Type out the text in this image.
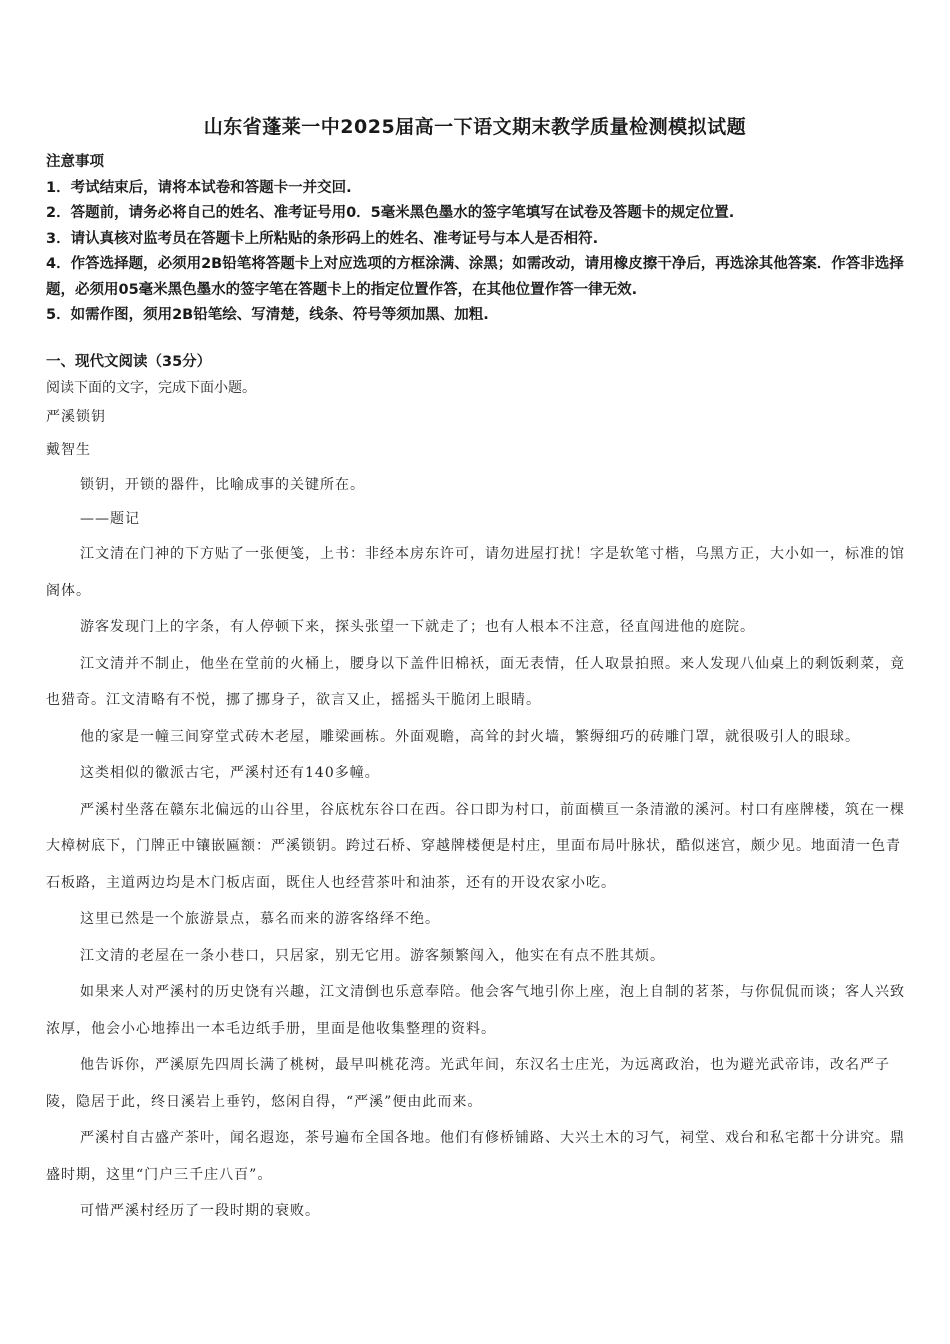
山东省蓬莱一中2025届高一下语文期末教学质量检测模拟试题

注意事项

1．考试结束后，请将本试卷和答题卡一并交回.

2．答题前，请务必将自己的姓名、准考证号用0．5毫米黑色墨水的签字笔填写在试卷及答题卡的规定位置.

3．请认真核对监考员在答题卡上所粘贴的条形码上的姓名、准考证号与本人是否相符.

4．作答选择题，必须用2B铅笔将答题卡上对应选项的方框涂满、涂黑；如需改动，请用橡皮擦干净后，再选涂其他答案．作答非选择题，必须用05毫米黑色墨水的签字笔在答题卡上的指定位置作答，在其他位置作答一律无效.

5．如需作图，须用2B铅笔绘、写清楚，线条、符号等须加黑、加粗.

一、现代文阅读（35分）

阅读下面的文字，完成下面小题。

严溪锁钥

戴智生

锁钥，开锁的器件，比喻成事的关键所在。

——题记

江文清在门神的下方贴了一张便笺，上书：非经本房东许可，请勿进屋打扰！字是软笔寸楷，乌黑方正，大小如一，标准的馆阁体。

游客发现门上的字条，有人停顿下来，探头张望一下就走了；也有人根本不注意，径直闯进他的庭院。

江文清并不制止，他坐在堂前的火桶上，腰身以下盖件旧棉袄，面无表情，任人取景拍照。来人发现八仙桌上的剩饭剩菜，竟也猎奇。江文清略有不悦，挪了挪身子，欲言又止，摇摇头干脆闭上眼睛。

他的家是一幢三间穿堂式砖木老屋，雕梁画栋。外面观瞻，高耸的封火墙，繁缛细巧的砖雕门罩，就很吸引人的眼球。

这类相似的徽派古宅，严溪村还有140多幢。

严溪村坐落在赣东北偏远的山谷里，谷底枕东谷口在西。谷口即为村口，前面横亘一条清澈的溪河。村口有座牌楼，筑在一棵大樟树底下，门牌正中镶嵌匾额：严溪锁钥。跨过石桥、穿越牌楼便是村庄，里面布局叶脉状，酷似迷宫，颇少见。地面清一色青石板路，主道两边均是木门板店面，既住人也经营茶叶和油茶，还有的开设农家小吃。

这里已然是一个旅游景点，慕名而来的游客络绎不绝。

江文清的老屋在一条小巷口，只居家，别无它用。游客频繁闯入，他实在有点不胜其烦。

如果来人对严溪村的历史饶有兴趣，江文清倒也乐意奉陪。他会客气地引你上座，泡上自制的茗茶，与你侃侃而谈；客人兴致浓厚，他会小心地捧出一本毛边纸手册，里面是他收集整理的资料。

他告诉你，严溪原先四周长满了桃树，最早叫桃花湾。光武年间，东汉名士庄光，为远离政治，也为避光武帝讳，改名严子陵，隐居于此，终日溪岩上垂钓，悠闲自得，“严溪”便由此而来。

严溪村自古盛产茶叶，闻名遐迩，茶号遍布全国各地。他们有修桥铺路、大兴土木的习气，祠堂、戏台和私宅都十分讲究。鼎盛时期，这里“门户三千庄八百”。

可惜严溪村经历了一段时期的衰败。
